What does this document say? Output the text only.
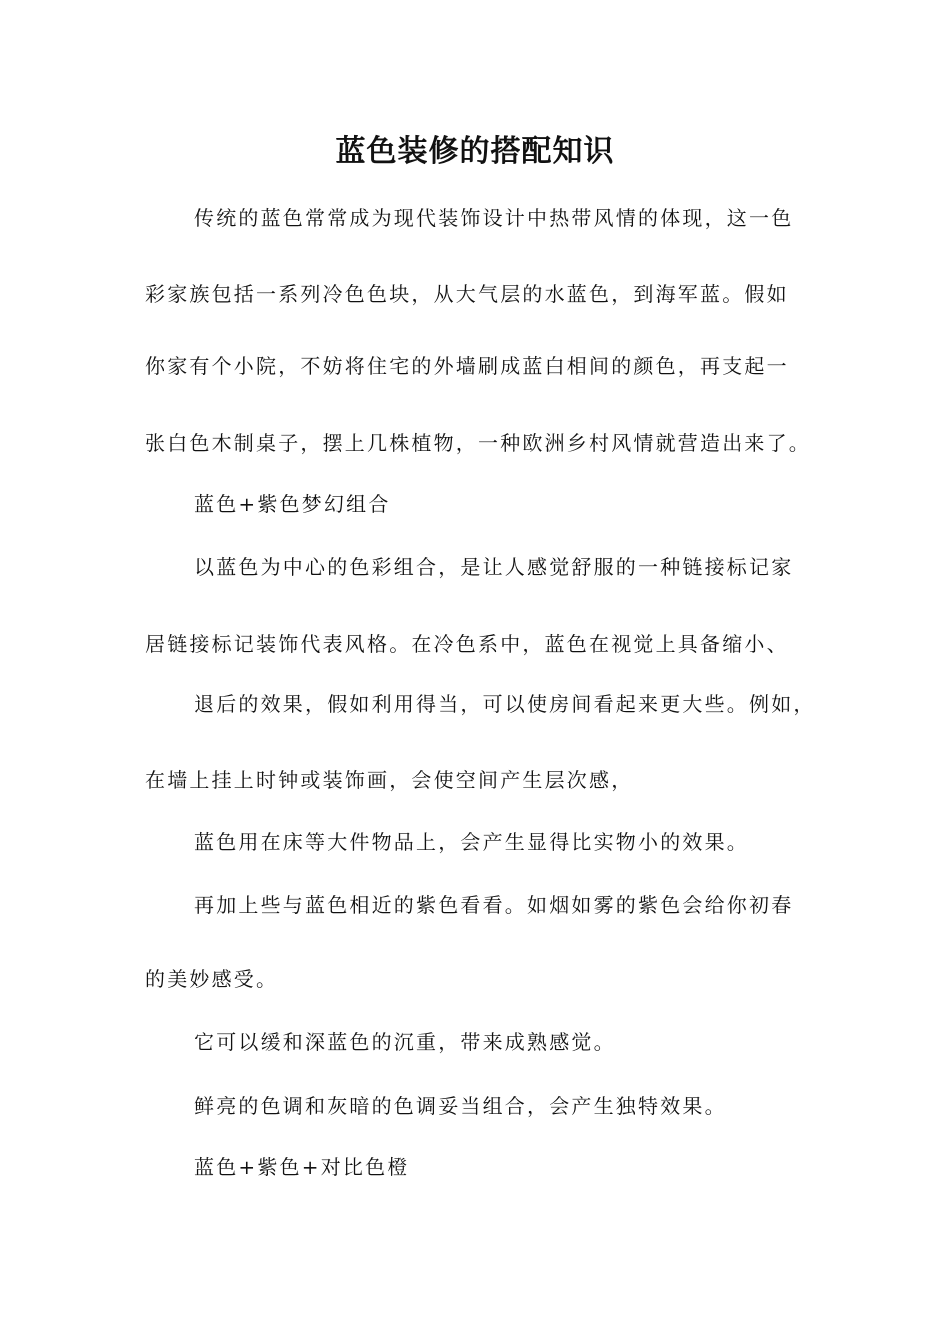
蓝色装修的搭配知识
传统的蓝色常常成为现代装饰设计中热带风情的体现，这一色
彩家族包括一系列冷色色块，从大气层的水蓝色，到海军蓝。假如
你家有个小院，不妨将住宅的外墙刷成蓝白相间的颜色，再支起一
张白色木制桌子，摆上几株植物，一种欧洲乡村风情就营造出来了。
蓝色+紫色梦幻组合
以蓝色为中心的色彩组合，是让人感觉舒服的一种链接标记家
居链接标记装饰代表风格。在冷色系中，蓝色在视觉上具备缩小、
退后的效果，假如利用得当，可以使房间看起来更大些。例如，
在墙上挂上时钟或装饰画，会使空间产生层次感，
蓝色用在床等大件物品上，会产生显得比实物小的效果。
再加上些与蓝色相近的紫色看看。如烟如雾的紫色会给你初春
的美妙感受。
它可以缓和深蓝色的沉重，带来成熟感觉。
鲜亮的色调和灰暗的色调妥当组合，会产生独特效果。
蓝色+紫色+对比色橙
